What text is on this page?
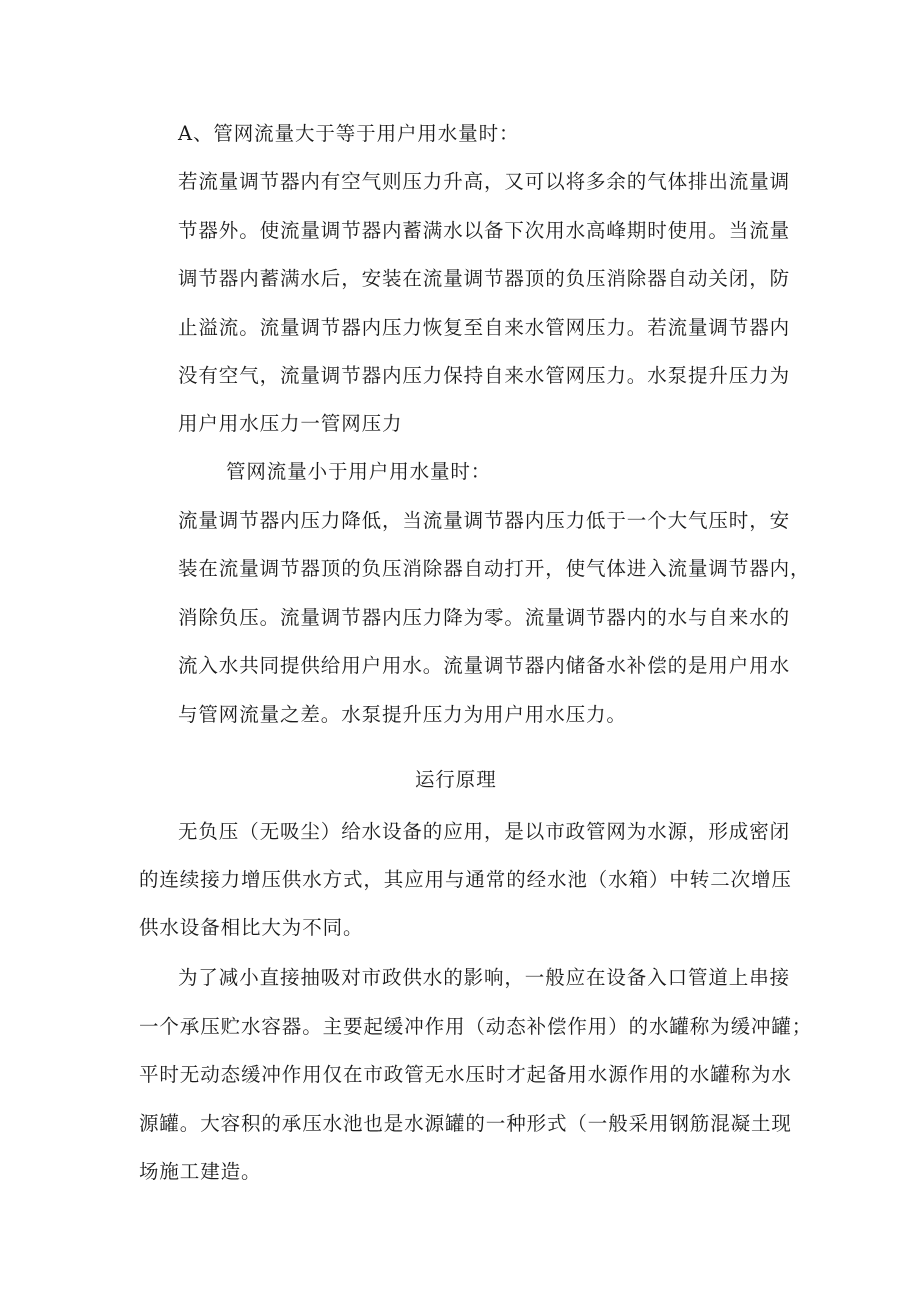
A、管网流量大于等于用户用水量时：
若流量调节器内有空气则压力升高，又可以将多余的气体排出流量调
节器外。使流量调节器内蓄满水以备下次用水高峰期时使用。当流量
调节器内蓄满水后，安装在流量调节器顶的负压消除器自动关闭，防
止溢流。流量调节器内压力恢复至自来水管网压力。若流量调节器内
没有空气，流量调节器内压力保持自来水管网压力。水泵提升压力为
用户用水压力一管网压力
管网流量小于用户用水量时：
流量调节器内压力降低，当流量调节器内压力低于一个大气压时，安
装在流量调节器顶的负压消除器自动打开，使气体进入流量调节器内，
消除负压。流量调节器内压力降为零。流量调节器内的水与自来水的
流入水共同提供给用户用水。流量调节器内储备水补偿的是用户用水
与管网流量之差。水泵提升压力为用户用水压力。
运行原理
无负压（无吸尘）给水设备的应用，是以市政管网为水源，形成密闭
的连续接力增压供水方式，其应用与通常的经水池（水箱）中转二次增压
供水设备相比大为不同。
为了减小直接抽吸对市政供水的影响，一般应在设备入口管道上串接
一个承压贮水容器。主要起缓冲作用（动态补偿作用）的水罐称为缓冲罐；
平时无动态缓冲作用仅在市政管无水压时才起备用水源作用的水罐称为水
源罐。大容积的承压水池也是水源罐的一种形式（一般采用钢筋混凝土现
场施工建造。
